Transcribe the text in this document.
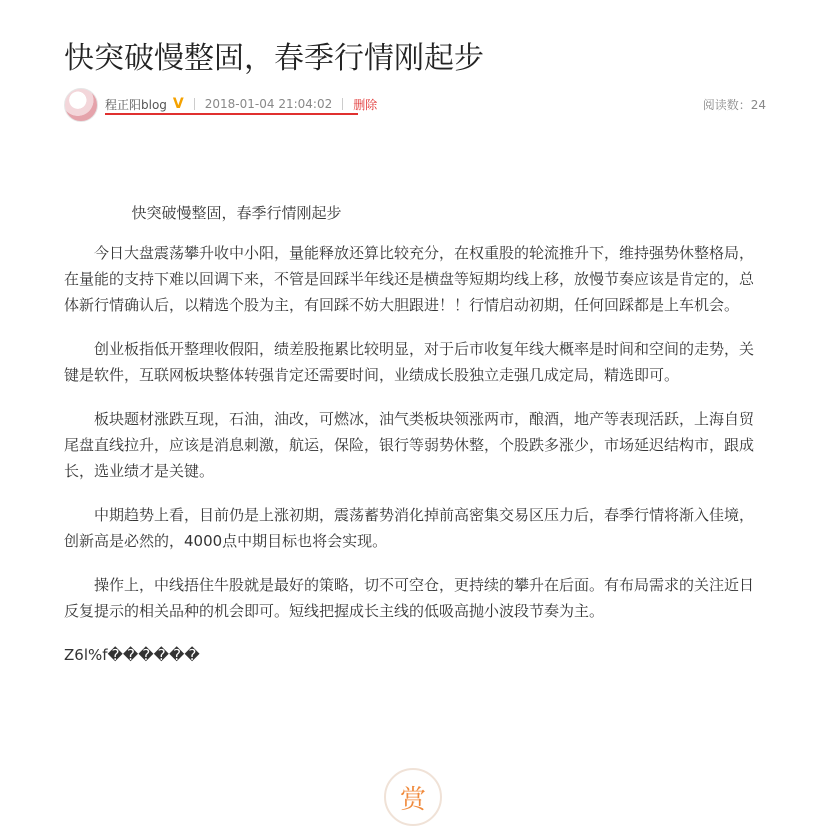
快突破慢整固，春季行情刚起步
程正阳blog V 2018-01-04 21:04:02 删除	阅读数：24

快突破慢整固，春季行情刚起步

今日大盘震荡攀升收中小阳，量能释放还算比较充分，在权重股的轮流推升下，维持强势休整格局，在量能的支持下难以回调下来，不管是回踩半年线还是横盘等短期均线上移，放慢节奏应该是肯定的，总体新行情确认后，以精选个股为主，有回踩不妨大胆跟进！！行情启动初期，任何回踩都是上车机会。

创业板指低开整理收假阳，绩差股拖累比较明显，对于后市收复年线大概率是时间和空间的走势，关键是软件，互联网板块整体转强肯定还需要时间，业绩成长股独立走强几成定局，精选即可。

板块题材涨跌互现，石油，油改，可燃冰，油气类板块领涨两市，酿酒，地产等表现活跃，上海自贸尾盘直线拉升，应该是消息刺激，航运，保险，银行等弱势休整，个股跌多涨少，市场延迟结构市，跟成长，选业绩才是关键。

中期趋势上看，目前仍是上涨初期，震荡蓄势消化掉前高密集交易区压力后，春季行情将渐入佳境，创新高是必然的，4000点中期目标也将会实现。

操作上，中线捂住牛股就是最好的策略，切不可空仓，更持续的攀升在后面。有布局需求的关注近日反复提示的相关品种的机会即可。短线把握成长主线的低吸高抛小波段节奏为主。

Z6l%f������

赏
